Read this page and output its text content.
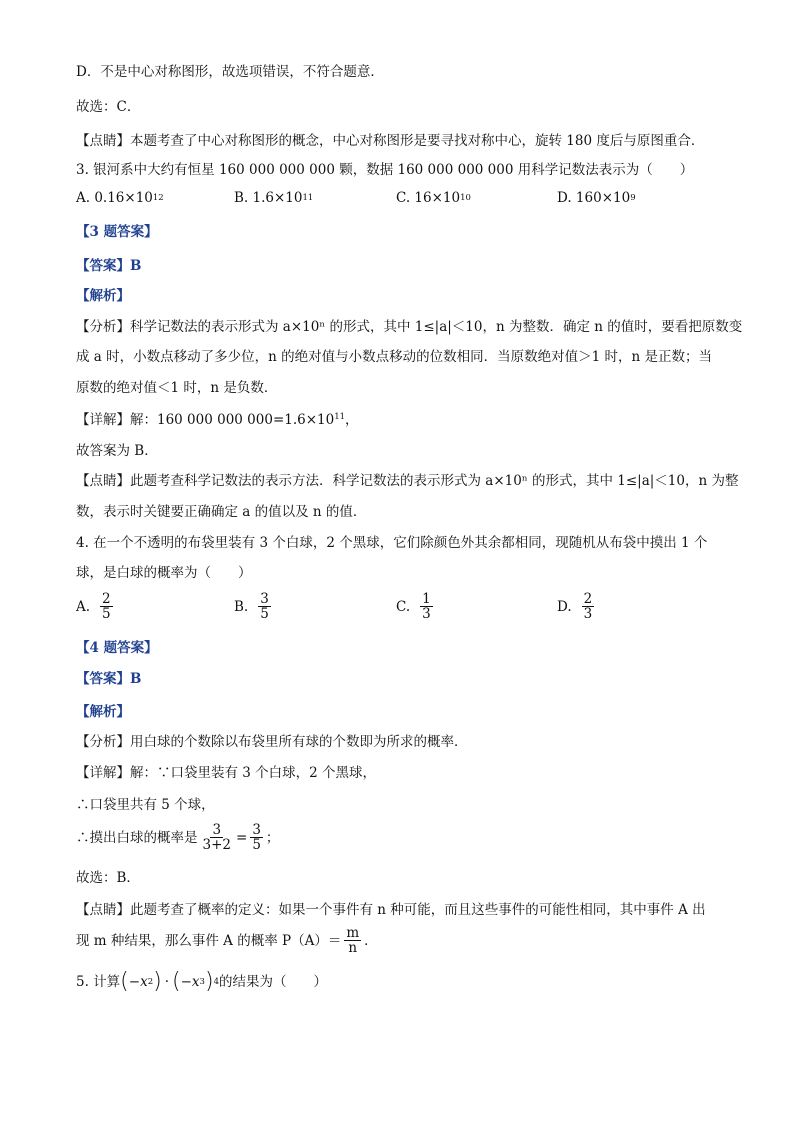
D．不是中心对称图形，故选项错误，不符合题意．
故选：C．
【点睛】本题考查了中心对称图形的概念，中心对称图形是要寻找对称中心，旋转 180 度后与原图重合．
3. 银河系中大约有恒星 160 000 000 000 颗，数据 160 000 000 000 用科学记数法表示为（　　）
A. 0.16×10 12	B. 1.6×10 11	C. 16×10 10	D. 160×10 9
【3 题答案】
【答案】B
【解析】
【分析】科学记数法的表示形式为 a×10ⁿ 的形式，其中 1≤|a|＜10，n 为整数．确定 n 的值时，要看把原数变
成 a 时，小数点移动了多少位，n 的绝对值与小数点移动的位数相同．当原数绝对值＞1 时，n 是正数；当
原数的绝对值＜1 时，n 是负数．
【详解】解：160 000 000 $000=1.6\times 10^{11}$，
故答案为 B．
【点睛】此题考查科学记数法的表示方法．科学记数法的表示形式为 a×10ⁿ 的形式，其中 1≤|a|＜10，n 为整
数，表示时关键要正确确定 a 的值以及 n 的值．
4. 在一个不透明的布袋里装有 3 个白球，2 个黑球，它们除颜色外其余都相同，现随机从布袋中摸出 1 个
球，是白球的概率为（　　）
A. $\frac{2}{5}$	B. $\frac{3}{5}$	C. $\frac{1}{3}$	D. $\frac{2}{3}$
【4 题答案】
【答案】B
【解析】
【分析】用白球的个数除以布袋里所有球的个数即为所求的概率．
【详解】解：∵口袋里装有 3 个白球，2 个黑球，
∴口袋里共有 5 个球，
∴摸出白球的概率是 $\frac{3}{3+2} = \frac{3}{5}$ ；
故选：B．
【点睛】此题考查了概率的定义：如果一个事件有 n 种可能，而且这些事件的可能性相同，其中事件 A 出
现 m 种结果，那么事件 A 的概率 $P(A)= \frac{m}{n}$ ．
5. 计算 ( −x 2 ) · ( −x 3 ) 4 的结果为（　　）
